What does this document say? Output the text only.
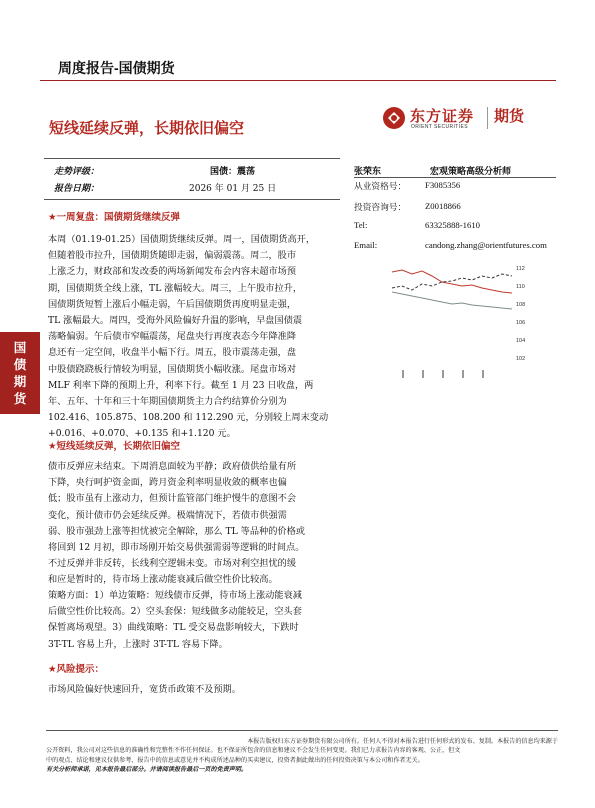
周度报告-国债期货
短线延续反弹，长期依旧偏空
东方证券
ORIENT SECURITIES
期货
走势评级：	国债：震荡
报告日期：	2026 年 01 月 25 日
张荣东	宏观策略高级分析师
从业资格号： F3085356
投资咨询号： Z0018866
Tel:	63325888-1610
Email:	candong.zhang@orientfutures.com
112
110
108
106
104
102
★一周复盘：国债期货继续反弹
本周（01.19-01.25）国债期货继续反弹。周一，国债期货高开，
但随着股市拉升，国债期货随即走弱，偏弱震荡。周二，股市
上涨乏力，财政部和发改委的两场新闻发布会内容未超市场预
期，国债期货全线上涨，TL 涨幅较大。周三，上午股市拉升，
国债期货短暂上涨后小幅走弱，午后国债期货再度明显走强，
TL 涨幅最大。周四，受海外风险偏好升温的影响，早盘国债震
荡略偏弱。午后债市窄幅震荡，尾盘央行再度表态今年降准降
息还有一定空间，收盘半小幅下行。周五，股市震荡走强，盘
中股债跷跷板行情较为明显，国债期货小幅收涨。尾盘市场对
MLF 利率下降的预期上升，利率下行。截至 1 月 23 日收盘，两
年、五年、十年和三十年期国债期货主力合约结算价分别为
102.416、105.875、108.200 和 112.290 元，分别较上周末变动
+0.016、+0.070、+0.135 和+1.120 元。
★短线延续反弹，长期依旧偏空
债市反弹应未结束。下周消息面较为平静；政府债供给量有所
下降，央行呵护资金面，跨月资金利率明显收敛的概率也偏
低；股市虽有上涨动力，但预计监管部门维护慢牛的意图不会
变化，预计债市仍会延续反弹。极端情况下，若债市供强需
弱、股市强劲上涨等担忧被完全解除，那么 TL 等品种的价格或
将回到 12 月初，即市场刚开始交易供强需弱等逻辑的时间点。
不过反弹并非反转，长线利空逻辑未变。市场对利空担忧的缓
和应是暂时的，待市场上涨动能衰减后做空性价比较高。
策略方面：1）单边策略：短线债市反弹，待市场上涨动能衰减
后做空性价比较高。2）空头套保：短线做多动能较足，空头套
保暂离场观望。3）曲线策略：TL 受交易盘影响较大，下跌时
3T-TL 容易上升，上涨时 3T-TL 容易下降。
★风险提示：
市场风险偏好快速回升，宽货币政策不及预期。
国
债
期
货
本报告版权归东方证券期货有限公司所有。任何人不得对本报告进行任何形式的发布、复制。本报告的信息均来源于
公开资料，我公司对这些信息的准确性和完整性不作任何保证。也不保证所包含的信息和建议不会发生任何变更。我们已力求报告内容的客观、公正，但文
中的观点、结论和建议仅供参考，报告中的信息或意见并不构成所述品种的买卖建议，投资者据此做出的任何投资决策与本公司和作者无关。
有关分析师承诺，见本报告最后部分。并请阅读报告最后一页的免责声明。
